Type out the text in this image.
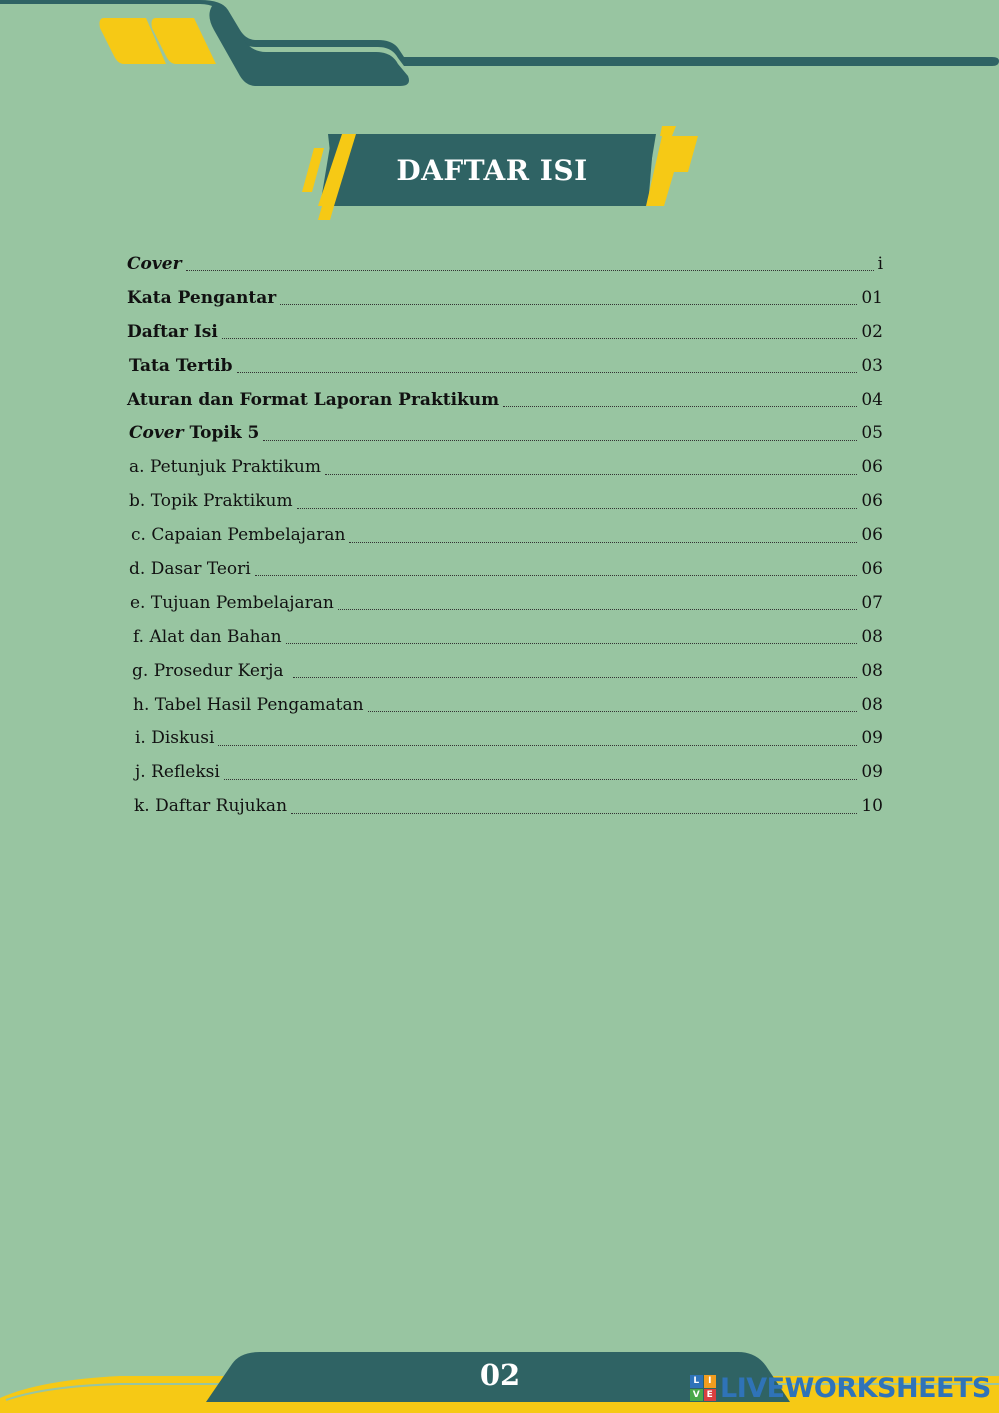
DAFTAR ISI
Cover	i
Kata Pengantar	01
Daftar Isi	02
Tata Tertib	03
Aturan dan Format Laporan Praktikum	04
Cover Topik 5	05
a. Petunjuk Praktikum	06
b. Topik Praktikum	06
c. Capaian Pembelajaran	06
d. Dasar Teori	06
e. Tujuan Pembelajaran	07
f. Alat dan Bahan	08
g. Prosedur Kerja	08
h. Tabel Hasil Pengamatan	08
i. Diskusi	09
j. Refleksi	09
k. Daftar Rujukan	10
02	L I
V E LIVEWORKSHEETS
